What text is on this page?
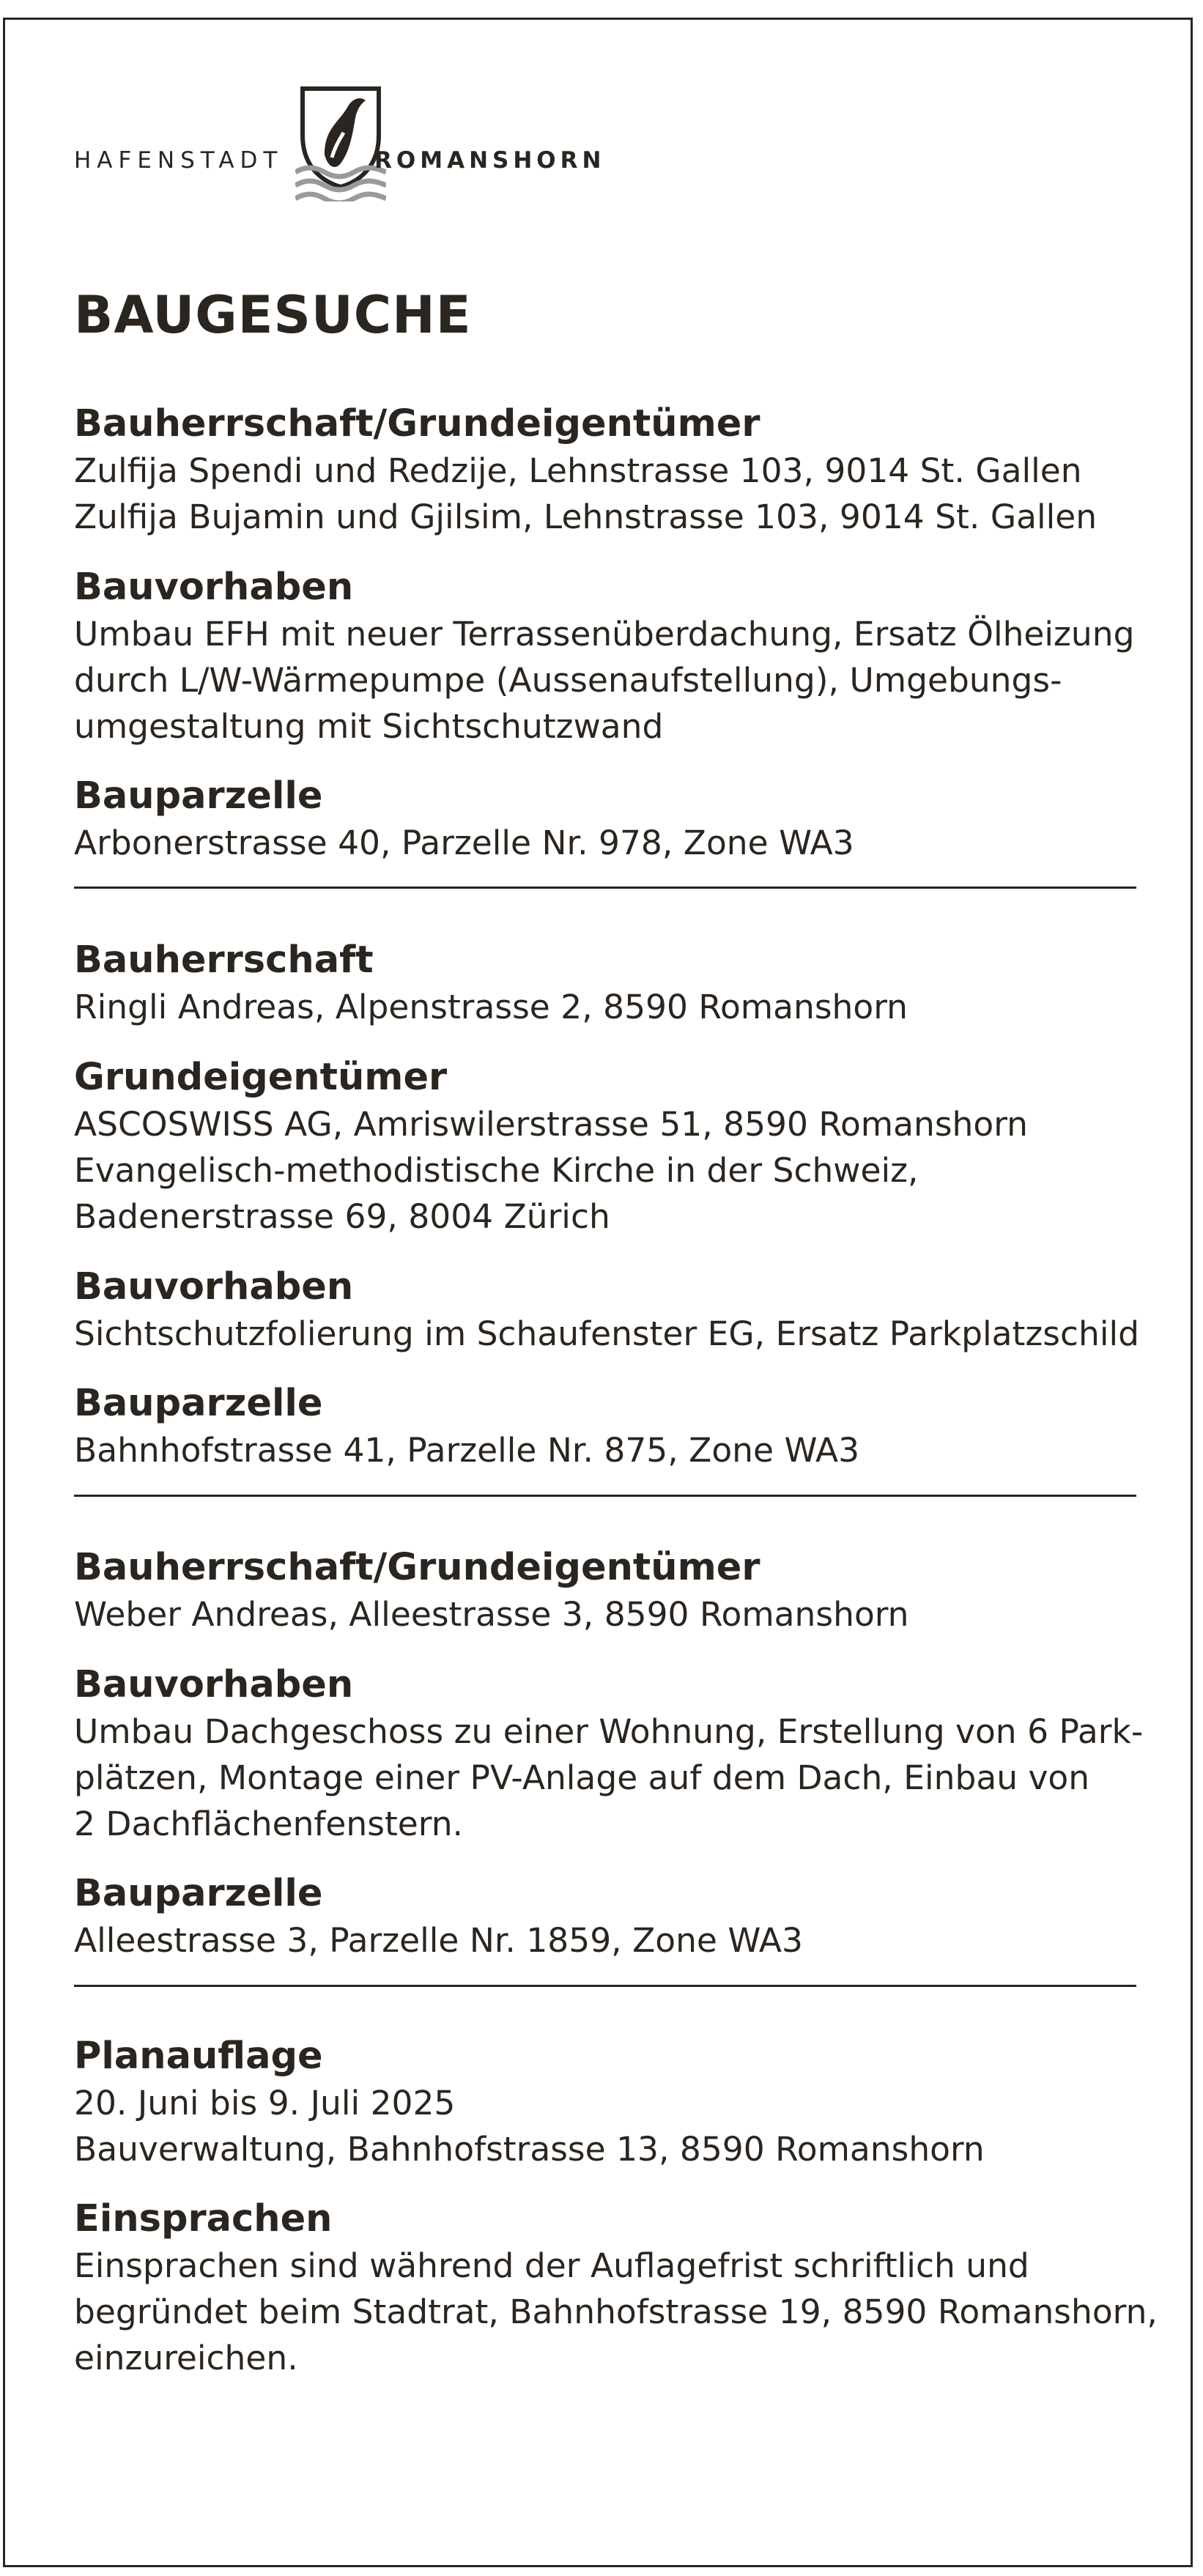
HAFENSTADT	ROMANSHORN
BAUGESUCHE
Bauherrschaft/Grundeigentümer

Zulfija Spendi und Redzije, Lehnstrasse 103, 9014 St. Gallen

Zulfija Bujamin und Gjilsim, Lehnstrasse 103, 9014 St. Gallen

Bauvorhaben

Umbau EFH mit neuer Terrassenüberdachung, Ersatz Ölheizung

durch L/W-Wärmepumpe (Aussenaufstellung), Umgebungs-

umgestaltung mit Sichtschutzwand

Bauparzelle

Arbonerstrasse 40, Parzelle Nr. 978, Zone WA3

Bauherrschaft

Ringli Andreas, Alpenstrasse 2, 8590 Romanshorn

Grundeigentümer

ASCOSWISS AG, Amriswilerstrasse 51, 8590 Romanshorn

Evangelisch-methodistische Kirche in der Schweiz,

Badenerstrasse 69, 8004 Zürich

Bauvorhaben

Sichtschutzfolierung im Schaufenster EG, Ersatz Parkplatzschild

Bauparzelle

Bahnhofstrasse 41, Parzelle Nr. 875, Zone WA3

Bauherrschaft/Grundeigentümer

Weber Andreas, Alleestrasse 3, 8590 Romanshorn

Bauvorhaben

Umbau Dachgeschoss zu einer Wohnung, Erstellung von 6 Park-

plätzen, Montage einer PV-Anlage auf dem Dach, Einbau von

2 Dachflächenfenstern.

Bauparzelle

Alleestrasse 3, Parzelle Nr. 1859, Zone WA3

Planauflage

20. Juni bis 9. Juli 2025

Bauverwaltung, Bahnhofstrasse 13, 8590 Romanshorn

Einsprachen

Einsprachen sind während der Auflagefrist schriftlich und

begründet beim Stadtrat, Bahnhofstrasse 19, 8590 Romanshorn,

einzureichen.
